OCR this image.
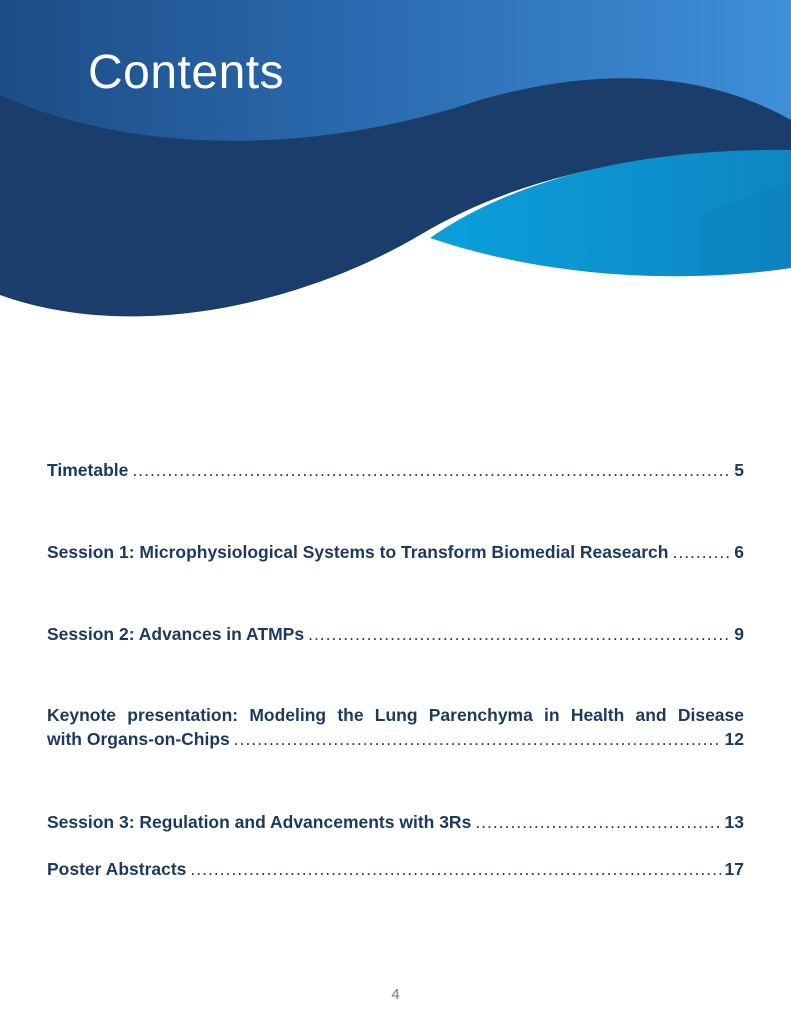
Contents
Timetable .....	5
Session 1: Microphysiological Systems to Transform Biomedial Reasearch .....	6
Session 2: Advances in ATMPs .....	9
Keynote presentation: Modeling the Lung Parenchyma in Health and Disease
with Organs-on-Chips .....	12
Session 3: Regulation and Advancements with 3Rs .....	13
Poster Abstracts .....	17
4
